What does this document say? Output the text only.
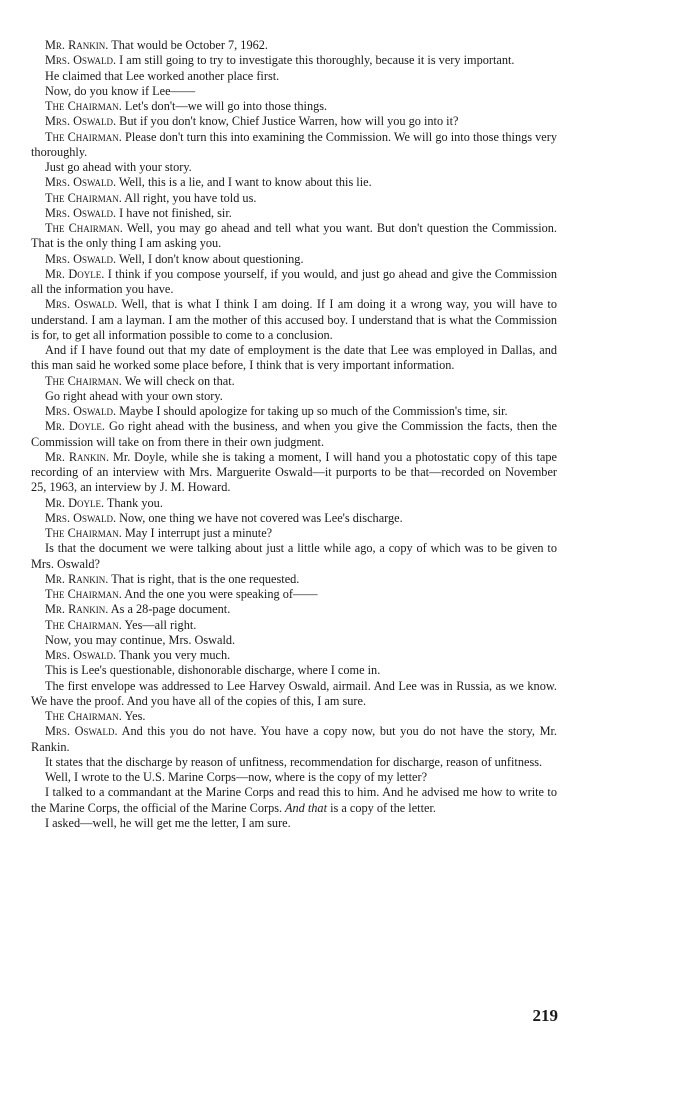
Mr. Rankin. That would be October 7, 1962.

Mrs. Oswald. I am still going to try to investigate this thoroughly, because it is very important.

He claimed that Lee worked another place first.

Now, do you know if Lee——

The Chairman. Let's don't—we will go into those things.

Mrs. Oswald. But if you don't know, Chief Justice Warren, how will you go into it?

The Chairman. Please don't turn this into examining the Commission. We will go into those things very thoroughly.

Just go ahead with your story.

Mrs. Oswald. Well, this is a lie, and I want to know about this lie.

The Chairman. All right, you have told us.

Mrs. Oswald. I have not finished, sir.

The Chairman. Well, you may go ahead and tell what you want. But don't question the Commission. That is the only thing I am asking you.

Mrs. Oswald. Well, I don't know about questioning.

Mr. Doyle. I think if you compose yourself, if you would, and just go ahead and give the Commission all the information you have.

Mrs. Oswald. Well, that is what I think I am doing. If I am doing it a wrong way, you will have to understand. I am a layman. I am the mother of this accused boy. I understand that is what the Commission is for, to get all information possible to come to a conclusion.

And if I have found out that my date of employment is the date that Lee was employed in Dallas, and this man said he worked some place before, I think that is very important information.

The Chairman. We will check on that.

Go right ahead with your own story.

Mrs. Oswald. Maybe I should apologize for taking up so much of the Commission's time, sir.

Mr. Doyle. Go right ahead with the business, and when you give the Commission the facts, then the Commission will take on from there in their own judgment.

Mr. Rankin. Mr. Doyle, while she is taking a moment, I will hand you a photostatic copy of this tape recording of an interview with Mrs. Marguerite Oswald—it purports to be that—recorded on November 25, 1963, an interview by J. M. Howard.

Mr. Doyle. Thank you.

Mrs. Oswald. Now, one thing we have not covered was Lee's discharge.

The Chairman. May I interrupt just a minute?

Is that the document we were talking about just a little while ago, a copy of which was to be given to Mrs. Oswald?

Mr. Rankin. That is right, that is the one requested.

The Chairman. And the one you were speaking of——

Mr. Rankin. As a 28-page document.

The Chairman. Yes—all right.

Now, you may continue, Mrs. Oswald.

Mrs. Oswald. Thank you very much.

This is Lee's questionable, dishonorable discharge, where I come in.

The first envelope was addressed to Lee Harvey Oswald, airmail. And Lee was in Russia, as we know. We have the proof. And you have all of the copies of this, I am sure.

The Chairman. Yes.

Mrs. Oswald. And this you do not have. You have a copy now, but you do not have the story, Mr. Rankin.

It states that the discharge by reason of unfitness, recommendation for discharge, reason of unfitness.

Well, I wrote to the U.S. Marine Corps—now, where is the copy of my letter?

I talked to a commandant at the Marine Corps and read this to him. And he advised me how to write to the Marine Corps, the official of the Marine Corps. And that is a copy of the letter.

I asked—well, he will get me the letter, I am sure.

219
